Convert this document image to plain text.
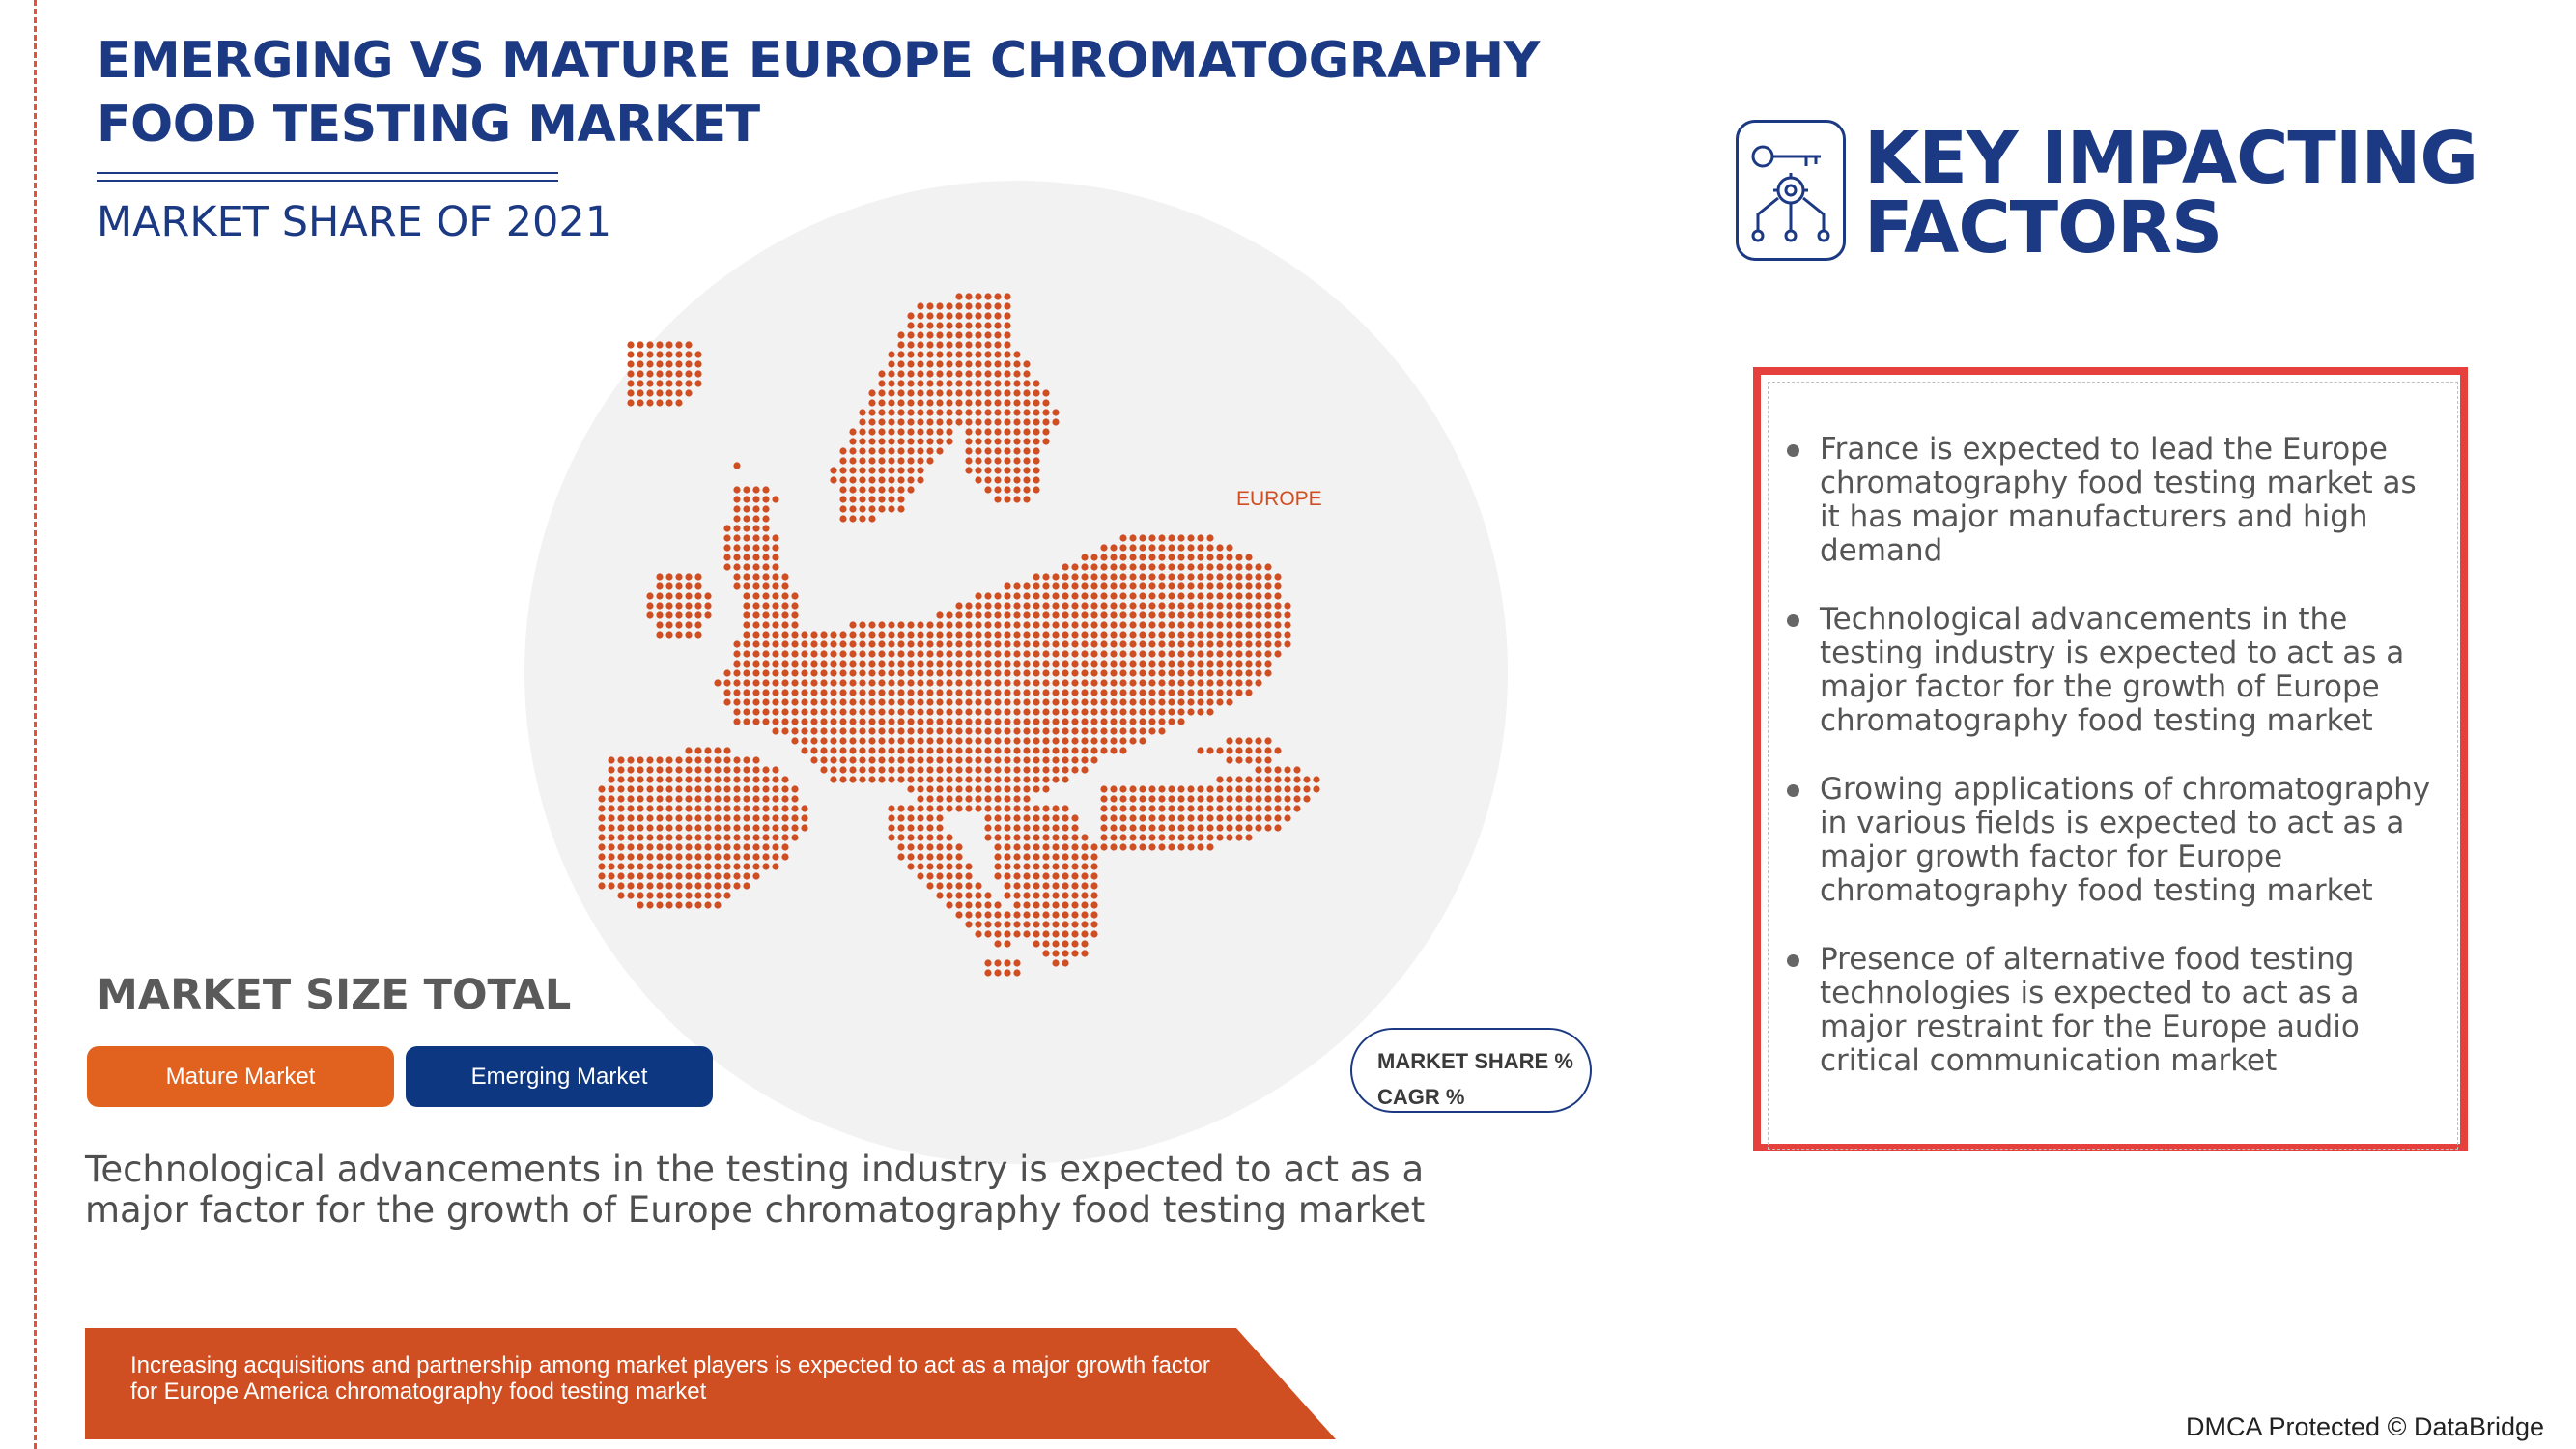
EMERGING VS MATURE EUROPE CHROMATOGRAPHY FOOD TESTING MARKET
MARKET SHARE OF 2021
EUROPE
MARKET SIZE TOTAL
Mature Market	Emerging Market
MARKET SHARE %
CAGR %
Technological advancements in the testing industry is expected to act as a major factor for the growth of Europe chromatography food testing market
Increasing acquisitions and partnership among market players is expected to act as a major growth factor for Europe America chromatography food testing market
KEY IMPACTING
FACTORS
France is expected to lead the Europe chromatography food testing market as it has major manufacturers and high demand
Technological advancements in the testing industry is expected to act as a major factor for the growth of Europe chromatography food testing market
Growing applications of chromatography in various fields is expected to act as a major growth factor for Europe chromatography food testing market
Presence of alternative food testing technologies is expected to act as a major restraint for the Europe audio critical communication market
DMCA Protected © DataBridge
